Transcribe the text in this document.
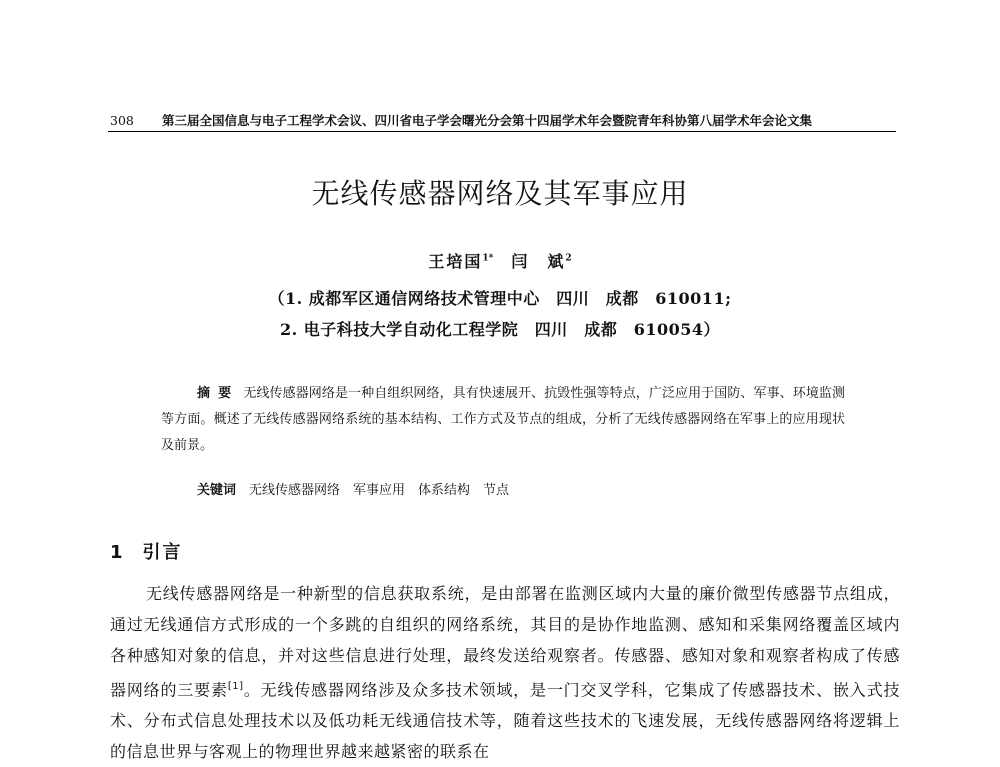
308 第三届全国信息与电子工程学术会议、四川省电子学会曙光分会第十四届学术年会暨院青年科协第八届学术年会论文集
无线传感器网络及其军事应用
王培国$^{1*}$　 闫　斌$^2$
（1. 成都军区通信网络技术管理中心　四川　成都　610011;
2. 电子科技大学自动化工程学院　四川　成都　610054）
摘要 无线传感器网络是一种自组织网络，具有快速展开、抗毁性强等特点，广泛应用于国防、军事、环境监测等方面。概述了无线传感器网络系统的基本结构、工作方式及节点的组成，分析了无线传感器网络在军事上的应用现状及前景。
关键词　 无线传感器网络　军事应用　体系结构　节点
1 引言
无线传感器网络是一种新型的信息获取系统，是由部署在监测区域内大量的廉价微型传感器节点组成，通过无线通信方式形成的一个多跳的自组织的网络系统，其目的是协作地监测、感知和采集网络覆盖区域内各种感知对象的信息，并对这些信息进行处理，最终发送给观察者。传感器、感知对象和观察者构成了传感器网络的三要素[1]。无线传感器网络涉及众多技术领域，是一门交叉学科，它集成了传感器技术、嵌入式技术、分布式信息处理技术以及低功耗无线通信技术等，随着这些技术的飞速发展，无线传感器网络将逻辑上的信息世界与客观上的物理世界越来越紧密的联系在
